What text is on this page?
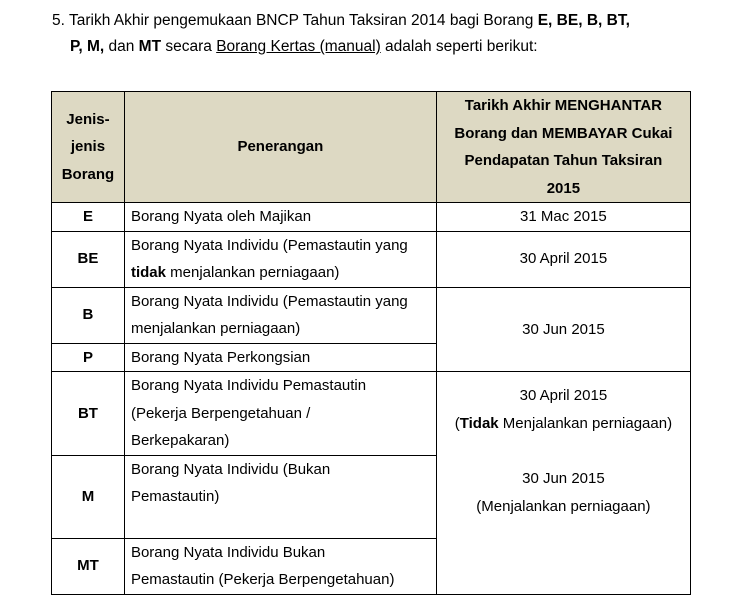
5. Tarikh Akhir pengemukaan BNCP Tahun Taksiran 2014 bagi Borang E, BE, B, BT,
P, M, dan MT secara Borang Kertas (manual) adalah seperti berikut:
Jenis-
jenis
Borang	Penerangan	Tarikh Akhir MENGHANTAR
Borang dan MEMBAYAR Cukai
Pendapatan Tahun Taksiran
2015

E	Borang Nyata oleh Majikan	31 Mac 2015
BE	Borang Nyata Individu (Pemastautin yang
tidak menjalankan perniagaan)	30 April 2015
B	Borang Nyata Individu (Pemastautin yang
menjalankan perniagaan)	30 Jun 2015
P	Borang Nyata Perkongsian	
BT	Borang Nyata Individu Pemastautin
(Pekerja Berpengetahuan /
Berkepakaran)	30 April 2015
(Tidak Menjalankan perniagaan)
30 Jun 2015
(Menjalankan perniagaan)

M	Borang Nyata Individu (Bukan
Pemastautin)	

MT	Borang Nyata Individu Bukan
Pemastautin (Pekerja Berpengetahuan)	
